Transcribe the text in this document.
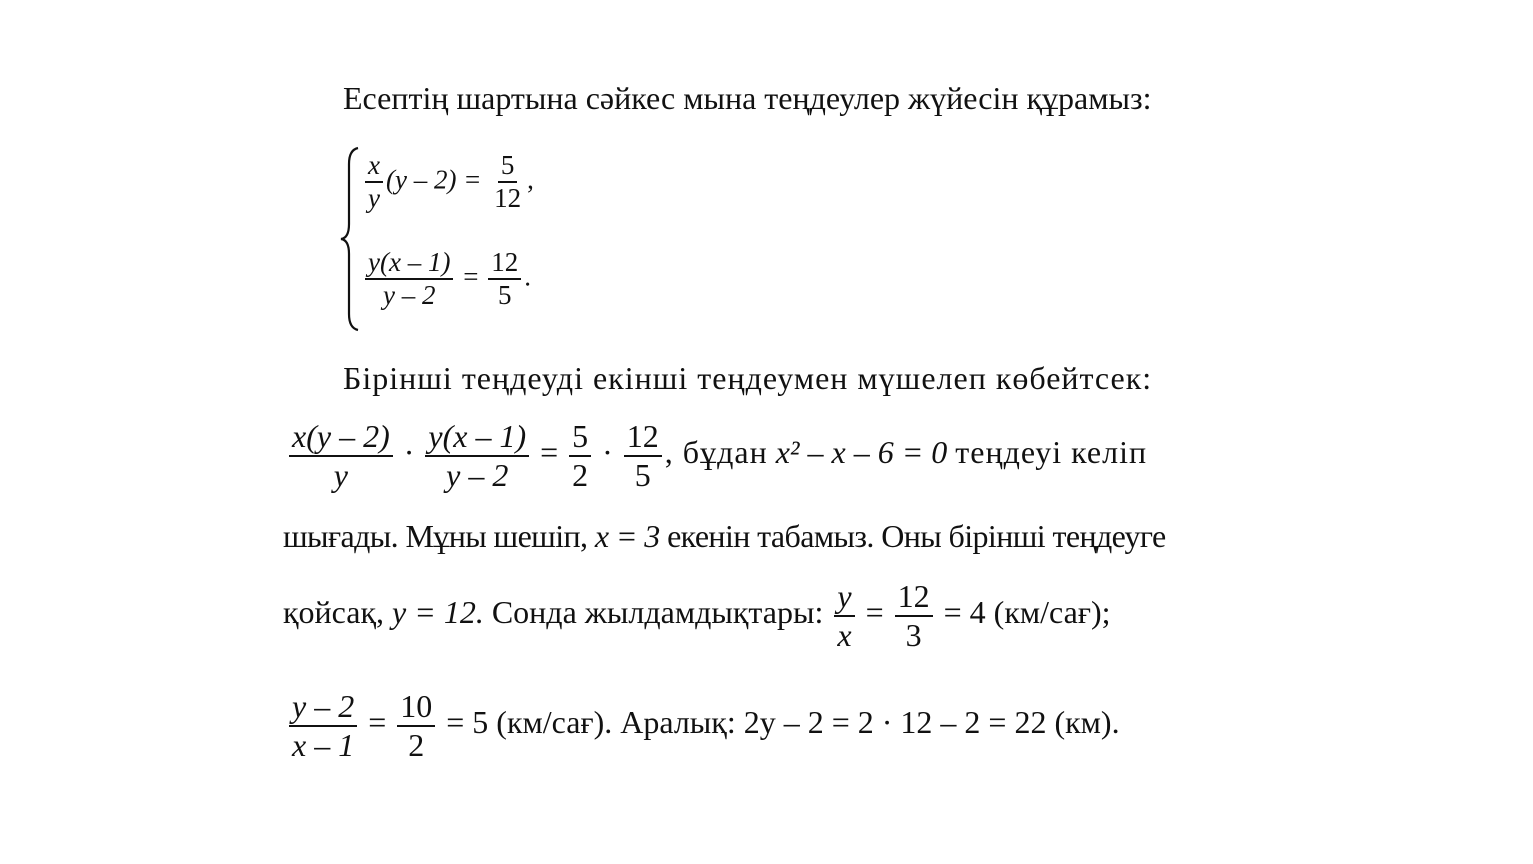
Есептің шартына сәйкес мына теңдеулер жүйесін құрамыз:
$\frac{x}{y} (y - 2) = \frac{5}{12}$ ,
$\frac{y(x - 1)}{y - 2} = \frac{12}{5}$ .
Бірінші теңдеуді екінші теңдеумен мүшелеп көбейтсек:
$\frac{x(y - 2)}{y} \cdot \frac{y(x - 1)}{y - 2} = \frac{5}{2} \cdot \frac{12}{5}$ , бұдан x² – x – 6 = 0 теңдеуі келіп
шығады. Мұны шешіп, x = 3 екенін табамыз. Оны бірінші теңдеуге
қойсақ, y = 12. Сонда жылдамдықтары: $\frac{y}{x} = \frac{12}{3} = 4$ (км/сағ);
$\frac{y - 2}{x - 1} = \frac{10}{2} = 5$ (км/сағ). Аралық: 2y – 2 = 2 · 12 – 2 = 22 (км).
